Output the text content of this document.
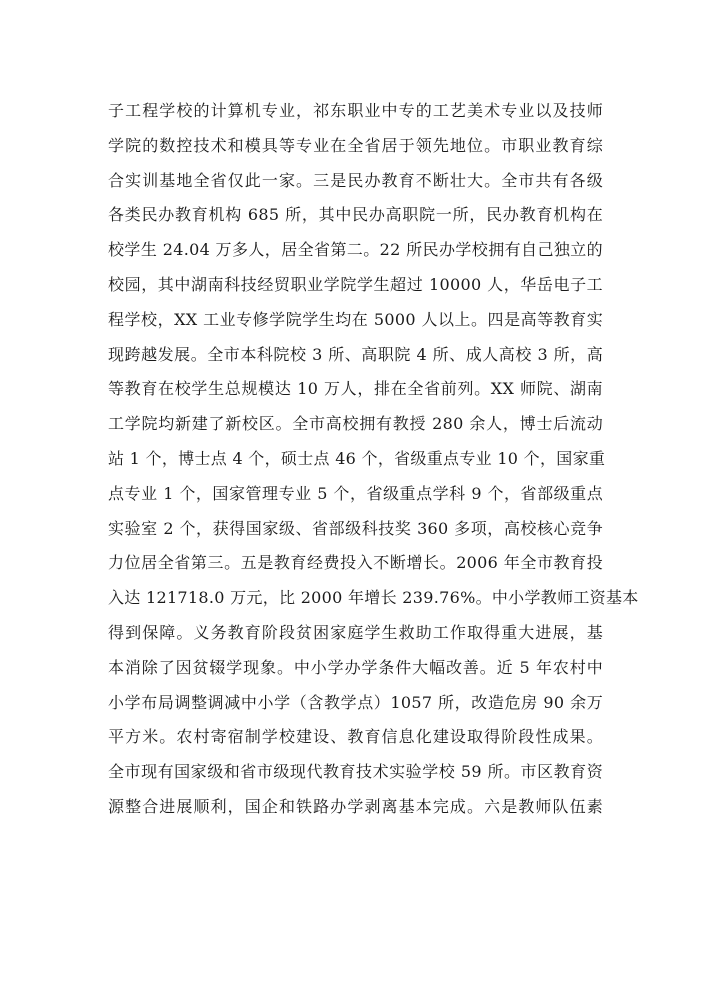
子工程学校的计算机专业，祁东职业中专的工艺美术专业以及技师
学院的数控技术和模具等专业在全省居于领先地位。市职业教育综
合实训基地全省仅此一家。三是民办教育不断壮大。全市共有各级
各类民办教育机构 685 所，其中民办高职院一所，民办教育机构在
校学生 24.04 万多人，居全省第二。22 所民办学校拥有自己独立的
校园，其中湖南科技经贸职业学院学生超过 10000 人，华岳电子工
程学校，XX 工业专修学院学生均在 5000 人以上。四是高等教育实
现跨越发展。全市本科院校 3 所、高职院 4 所、成人高校 3 所，高
等教育在校学生总规模达 10 万人，排在全省前列。XX 师院、湖南
工学院均新建了新校区。全市高校拥有教授 280 余人，博士后流动
站 1 个，博士点 4 个，硕士点 46 个，省级重点专业 10 个，国家重
点专业 1 个，国家管理专业 5 个，省级重点学科 9 个，省部级重点
实验室 2 个，获得国家级、省部级科技奖 360 多项，高校核心竞争
力位居全省第三。五是教育经费投入不断增长。2006 年全市教育投
入达 121718.0 万元，比 2000 年增长 239.76%。中小学教师工资基本
得到保障。义务教育阶段贫困家庭学生救助工作取得重大进展，基
本消除了因贫辍学现象。中小学办学条件大幅改善。近 5 年农村中
小学布局调整调减中小学（含教学点）1057 所，改造危房 90 余万
平方米。农村寄宿制学校建设、教育信息化建设取得阶段性成果。
全市现有国家级和省市级现代教育技术实验学校 59 所。市区教育资
源整合进展顺利，国企和铁路办学剥离基本完成。六是教师队伍素
